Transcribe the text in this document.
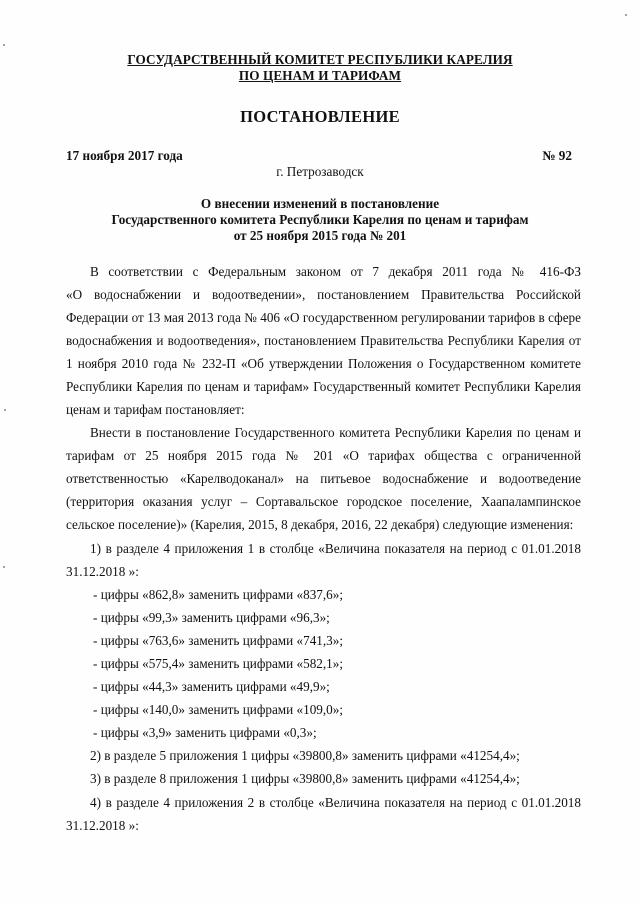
ГОСУДАРСТВЕННЫЙ КОМИТЕТ РЕСПУБЛИКИ КАРЕЛИЯ
ПО ЦЕНАМ И ТАРИФАМ
ПОСТАНОВЛЕНИЕ
17 ноября 2017 года	№ 92
г. Петрозаводск
О внесении изменений в постановление
Государственного комитета Республики Карелия по ценам и тарифам
от 25 ноября 2015 года № 201
В соответствии с Федеральным законом от 7 декабря 2011 года № 416-ФЗ
«О водоснабжении и водоотведении», постановлением Правительства Российской
Федерации от 13 мая 2013 года № 406 «О государственном регулировании тарифов в сфере
водоснабжения и водоотведения», постановлением Правительства Республики Карелия от
1 ноября 2010 года № 232-П «Об утверждении Положения о Государственном комитете
Республики Карелия по ценам и тарифам» Государственный комитет Республики Карелия
ценам и тарифам постановляет:
Внести в постановление Государственного комитета Республики Карелия по ценам и
тарифам от 25 ноября 2015 года № 201 «О тарифах общества с ограниченной
ответственностью «Карелводоканал» на питьевое водоснабжение и водоотведение
(территория оказания услуг – Сортавальское городское поселение, Хаапалампинское
сельское поселение)» (Карелия, 2015, 8 декабря, 2016, 22 декабря) следующие изменения:
1) в разделе 4 приложения 1 в столбце «Величина показателя на период с 01.01.2018
31.12.2018 »:
- цифры «862,8» заменить цифрами «837,6»;
- цифры «99,3» заменить цифрами «96,3»;
- цифры «763,6» заменить цифрами «741,3»;
- цифры «575,4» заменить цифрами «582,1»;
- цифры «44,3» заменить цифрами «49,9»;
- цифры «140,0» заменить цифрами «109,0»;
- цифры «3,9» заменить цифрами «0,3»;
2) в разделе 5 приложения 1 цифры «39800,8» заменить цифрами «41254,4»;
3) в разделе 8 приложения 1 цифры «39800,8» заменить цифрами «41254,4»;
4) в разделе 4 приложения 2 в столбце «Величина показателя на период с 01.01.2018
31.12.2018 »:
